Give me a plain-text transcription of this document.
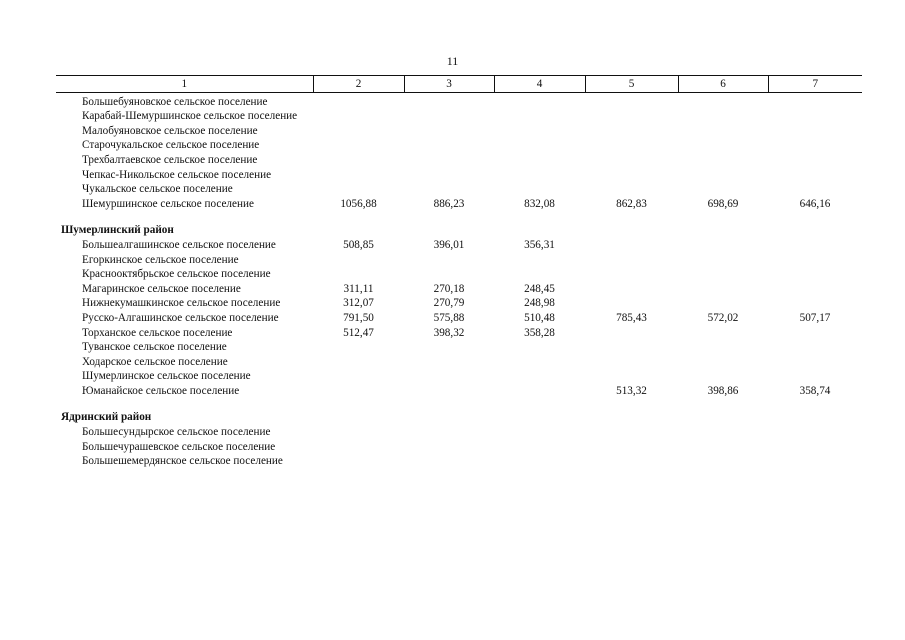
11
1	2	3	4	5	6	7
Большебуяновское сельское поселение						
Карабай-Шемуршинское сельское поселение						
Малобуяновское сельское поселение						
Старочукальское сельское поселение						
Трехбалтаевское сельское поселение						
Чепкас-Никольское сельское поселение						
Чукальское сельское поселение						
Шемуршинское сельское поселение	1056,88	886,23	832,08	862,83	698,69	646,16
Шумерлинский район						
Большеалгашинское сельское поселение	508,85	396,01	356,31			
Егоркинское сельское поселение						
Краснооктябрьское сельское поселение						
Магаринское сельское поселение	311,11	270,18	248,45			
Нижнекумашкинское сельское поселение	312,07	270,79	248,98			
Русско-Алгашинское сельское поселение	791,50	575,88	510,48	785,43	572,02	507,17
Торханское сельское поселение	512,47	398,32	358,28			
Туванское сельское поселение						
Ходарское сельское поселение						
Шумерлинское сельское поселение						
Юманайское сельское поселение				513,32	398,86	358,74
Ядринский район						
Большесундырское сельское поселение						
Большечурашевское сельское поселение						
Большешемердянское сельское поселение						
